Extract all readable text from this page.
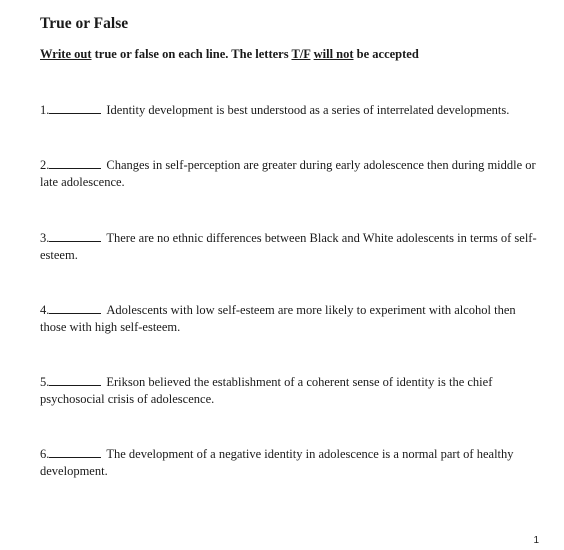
True or False

Write out true or false on each line. The letters T/F will not be accepted

1.	Identity development is best understood as a series of interrelated developments.

2.	Changes in self-perception are greater during early adolescence then during middle or late adolescence.

3.	There are no ethnic differences between Black and White adolescents in terms of self-esteem.

4.	Adolescents with low self-esteem are more likely to experiment with alcohol then those with high self-esteem.

5.	Erikson believed the establishment of a coherent sense of identity is the chief psychosocial crisis of adolescence.

6.	The development of a negative identity in adolescence is a normal part of healthy development.

1
